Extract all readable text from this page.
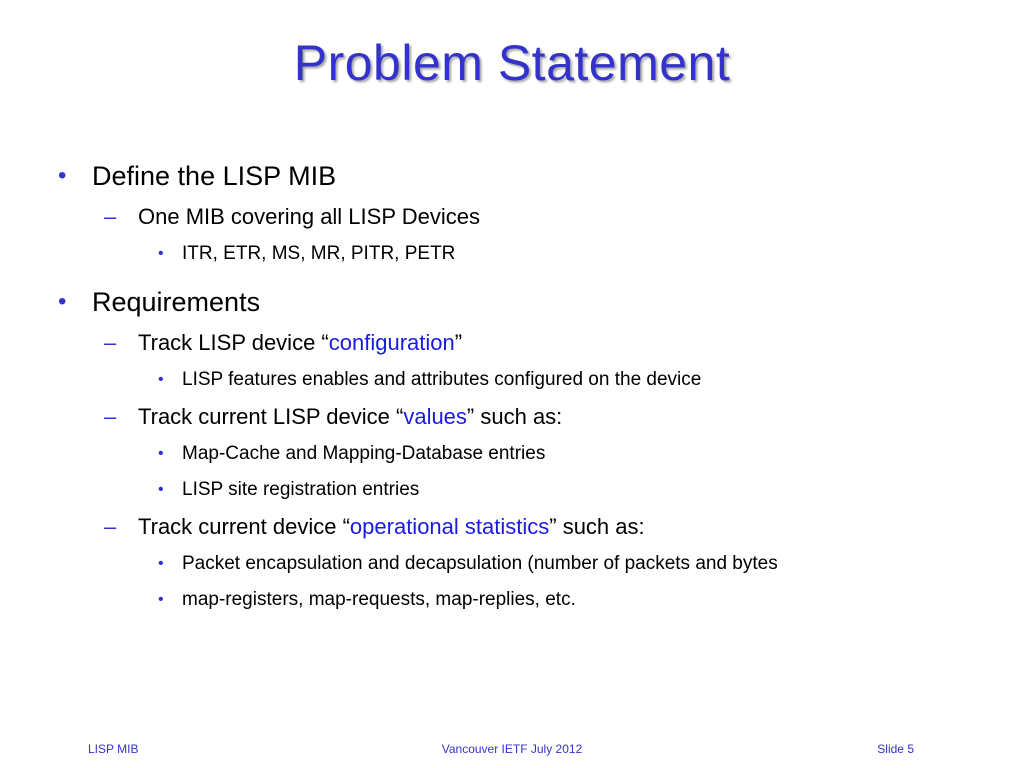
Problem Statement
• Define the LISP MIB
– One MIB covering all LISP Devices
• ITR, ETR, MS, MR, PITR, PETR
• Requirements
– Track LISP device “configuration”
• LISP features enables and attributes configured on the device
– Track current LISP device “values” such as:
• Map-Cache and Mapping-Database entries
• LISP site registration entries
– Track current device “operational statistics” such as:
• Packet encapsulation and decapsulation (number of packets and bytes
• map-registers, map-requests, map-replies, etc.
LISP MIB	Vancouver IETF July 2012	Slide 5
